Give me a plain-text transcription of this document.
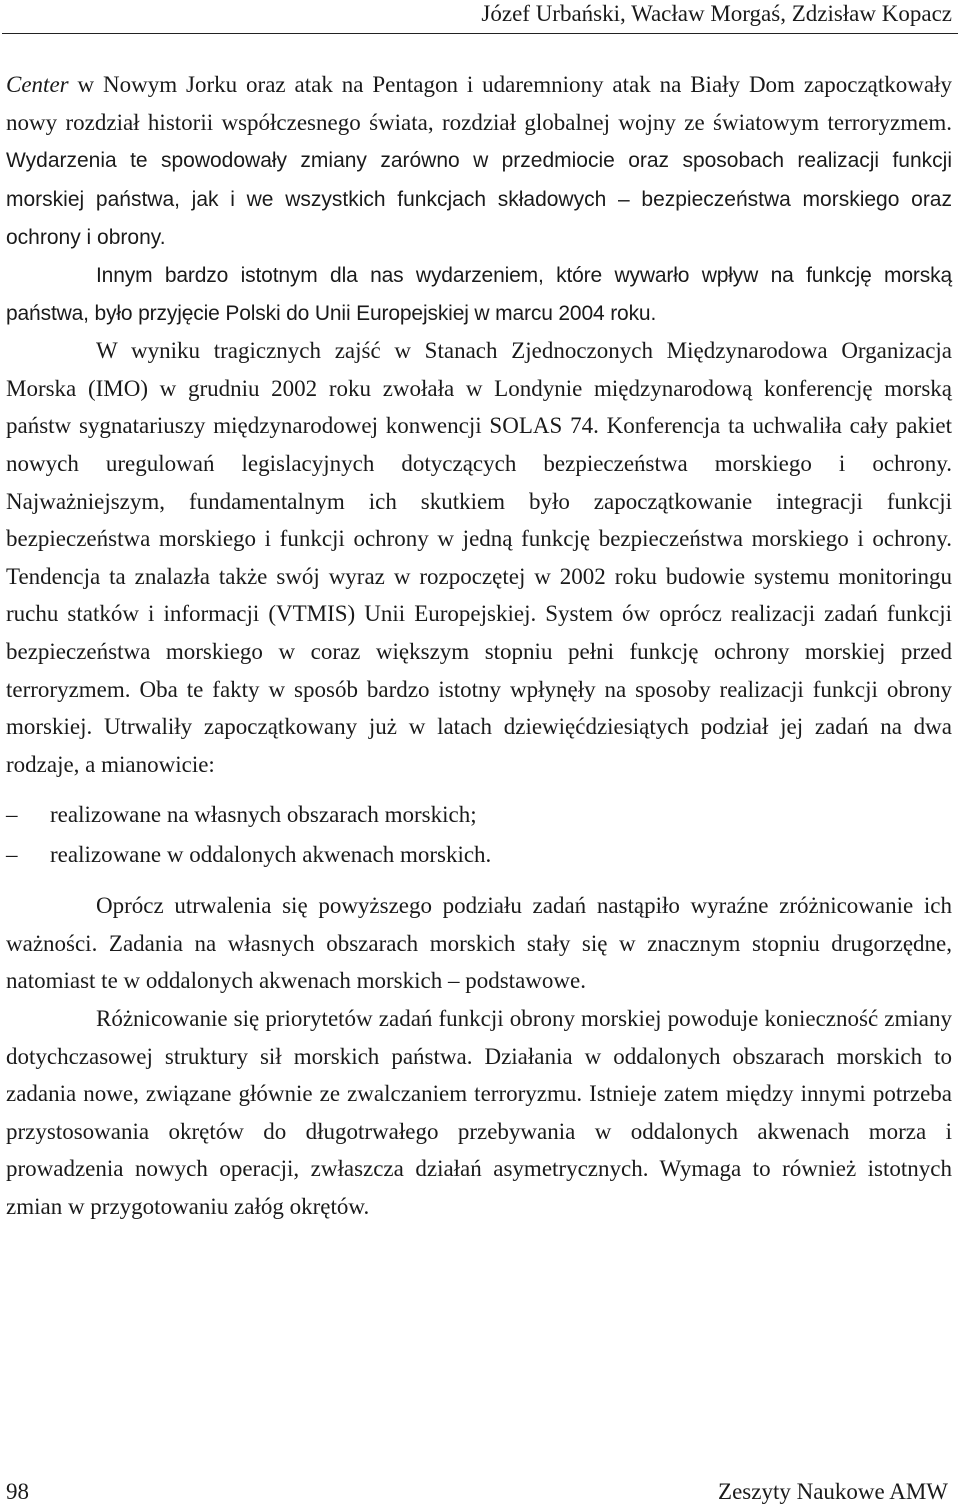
Józef Urbański, Wacław Morgaś, Zdzisław Kopacz

Center w Nowym Jorku oraz atak na Pentagon i udaremniony atak na Biały Dom zapoczątkowały nowy rozdział historii współczesnego świata, rozdział globalnej wojny ze światowym terroryzmem. Wydarzenia te spowodowały zmiany zarówno w przedmiocie oraz sposobach realizacji funkcji morskiej państwa, jak i we wszystkich funkcjach składowych – bezpieczeństwa morskiego oraz ochrony i obrony.

Innym bardzo istotnym dla nas wydarzeniem, które wywarło wpływ na funkcję morską państwa, było przyjęcie Polski do Unii Europejskiej w marcu 2004 roku.

W wyniku tragicznych zajść w Stanach Zjednoczonych Międzynarodowa Organizacja Morska (IMO) w grudniu 2002 roku zwołała w Londynie międzynarodową konferencję morską państw sygnatariuszy międzynarodowej konwencji SOLAS 74. Konferencja ta uchwaliła cały pakiet nowych uregulowań legislacyjnych dotyczących bezpieczeństwa morskiego i ochrony. Najważniejszym, fundamentalnym ich skutkiem było zapoczątkowanie integracji funkcji bezpieczeństwa morskiego i funkcji ochrony w jedną funkcję bezpieczeństwa morskiego i ochrony. Tendencja ta znalazła także swój wyraz w rozpoczętej w 2002 roku budowie systemu monitoringu ruchu statków i informacji (VTMIS) Unii Europejskiej. System ów oprócz realizacji zadań funkcji bezpieczeństwa morskiego w coraz większym stopniu pełni funkcję ochrony morskiej przed terroryzmem. Oba te fakty w sposób bardzo istotny wpłynęły na sposoby realizacji funkcji obrony morskiej. Utrwaliły zapoczątkowany już w latach dziewięćdziesiątych podział jej zadań na dwa rodzaje, a mianowicie:

–	realizowane na własnych obszarach morskich;
–	realizowane w oddalonych akwenach morskich.

Oprócz utrwalenia się powyższego podziału zadań nastąpiło wyraźne zróżnicowanie ich ważności. Zadania na własnych obszarach morskich stały się w znacznym stopniu drugorzędne, natomiast te w oddalonych akwenach morskich – podstawowe.

Różnicowanie się priorytetów zadań funkcji obrony morskiej powoduje konieczność zmiany dotychczasowej struktury sił morskich państwa. Działania w oddalonych obszarach morskich to zadania nowe, związane głównie ze zwalczaniem terroryzmu. Istnieje zatem między innymi potrzeba przystosowania okrętów do długotrwałego przebywania w oddalonych akwenach morza i prowadzenia nowych operacji, zwłaszcza działań asymetrycznych. Wymaga to również istotnych zmian w przygotowaniu załóg okrętów.

98	Zeszyty Naukowe AMW
